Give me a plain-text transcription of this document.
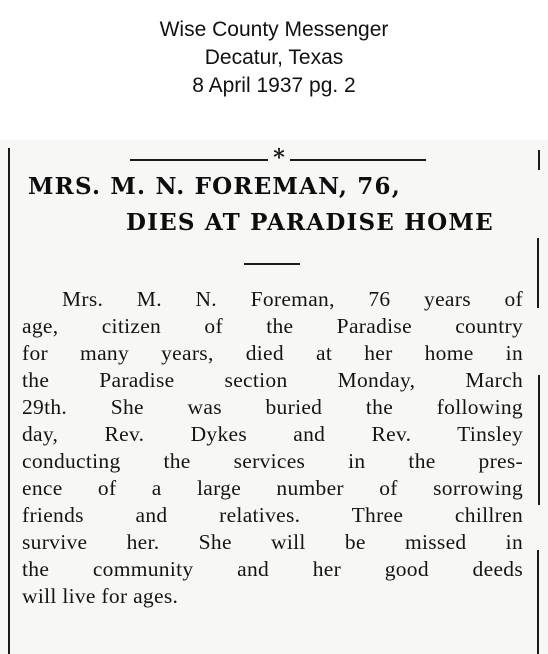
Wise County Messenger
Decatur, Texas
8 April 1937 pg. 2
*
MRS. M. N. FOREMAN, 76,
DIES AT PARADISE HOME
Mrs. M. N. Foreman, 76 years of
age, citizen of the Paradise country
for many years, died at her home in
the Paradise section Monday, March
29th. She was buried the following
day, Rev. Dykes and Rev. Tinsley
conducting the services in the pres-
ence of a large number of sorrowing
friends and relatives. Three chillren
survive her. She will be missed in
the community and her good deeds
will live for ages.
